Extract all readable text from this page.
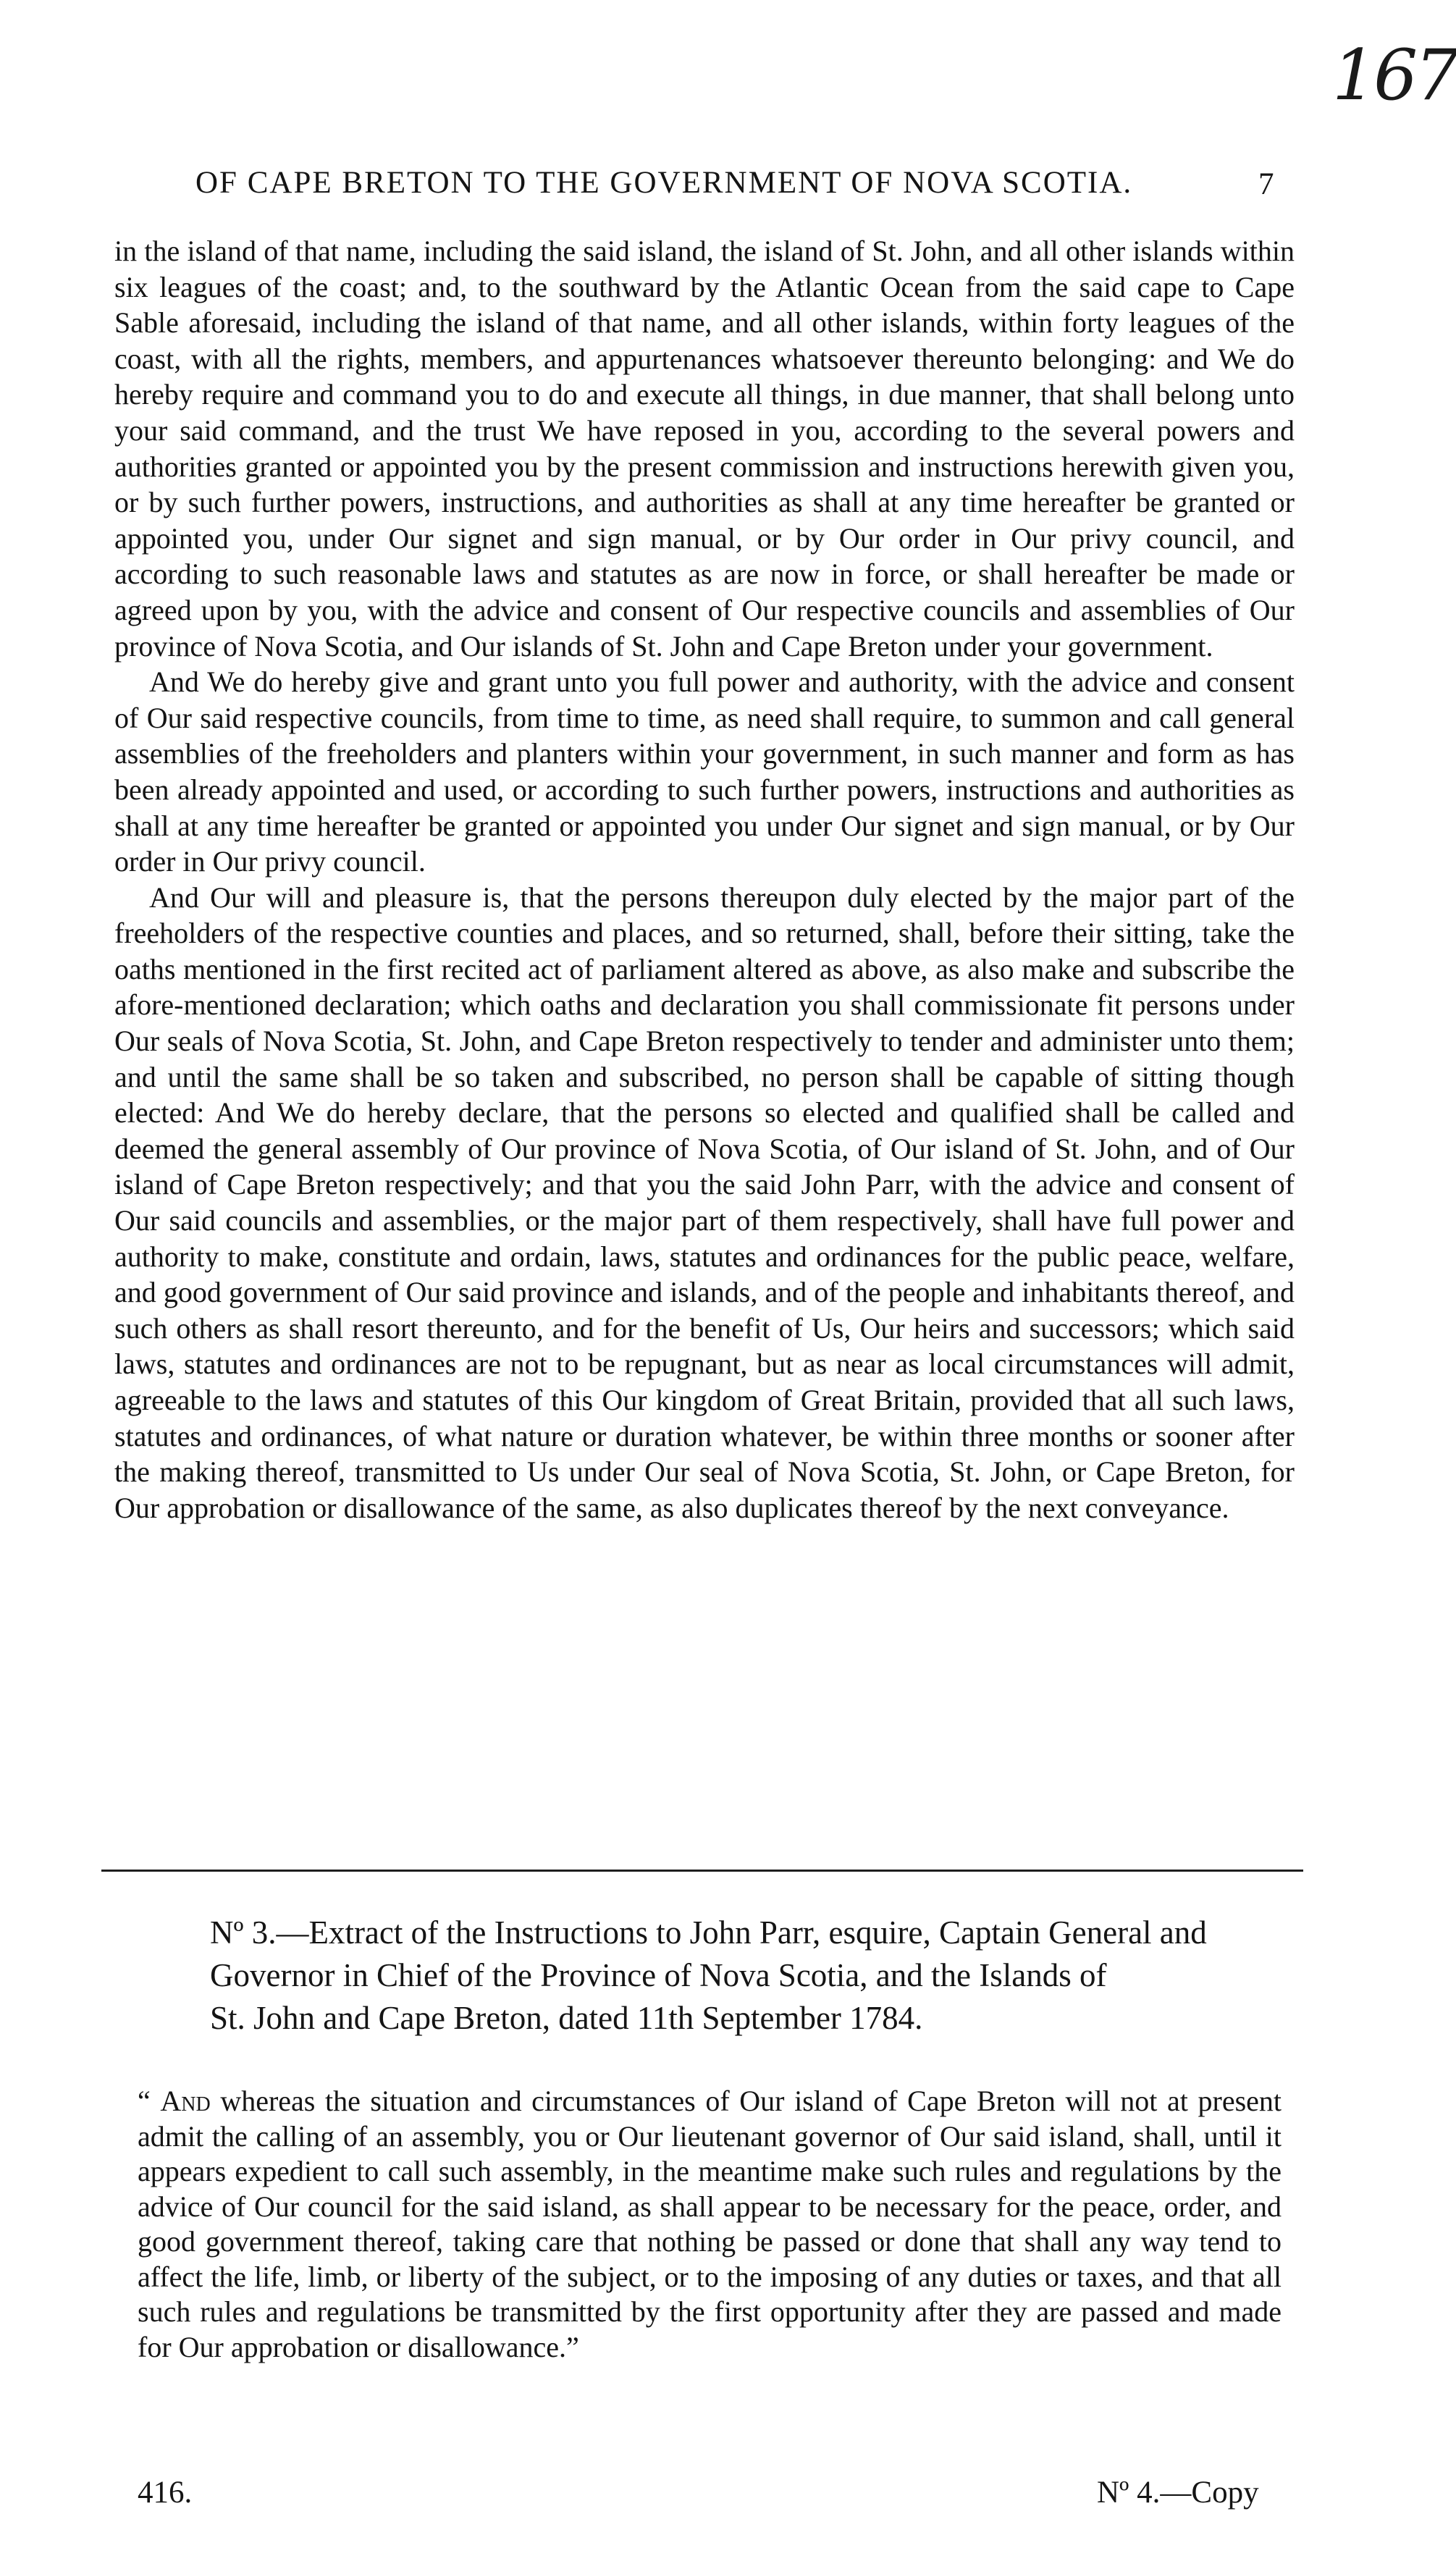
167
OF CAPE BRETON TO THE GOVERNMENT OF NOVA SCOTIA.	7

in the island of that name, including the said island, the island of St. John, and all other islands within six leagues of the coast; and, to the southward by the Atlantic Ocean from the said cape to Cape Sable aforesaid, including the island of that name, and all other islands, within forty leagues of the coast, with all the rights, members, and appurtenances whatsoever thereunto belonging: and We do hereby require and command you to do and execute all things, in due manner, that shall belong unto your said command, and the trust We have reposed in you, according to the several powers and authorities granted or appointed you by the present commission and instructions herewith given you, or by such further powers, instructions, and authorities as shall at any time hereafter be granted or appointed you, under Our signet and sign manual, or by Our order in Our privy council, and according to such reasonable laws and statutes as are now in force, or shall hereafter be made or agreed upon by you, with the advice and consent of Our respective councils and assemblies of Our province of Nova Scotia, and Our islands of St. John and Cape Breton under your government.

And We do hereby give and grant unto you full power and authority, with the advice and consent of Our said respective councils, from time to time, as need shall require, to summon and call general assemblies of the freeholders and planters within your government, in such manner and form as has been already appointed and used, or according to such further powers, instructions and authorities as shall at any time hereafter be granted or appointed you under Our signet and sign manual, or by Our order in Our privy council.

And Our will and pleasure is, that the persons thereupon duly elected by the major part of the freeholders of the respective counties and places, and so returned, shall, before their sitting, take the oaths mentioned in the first recited act of parliament altered as above, as also make and subscribe the afore-mentioned declaration; which oaths and declaration you shall commissionate fit persons under Our seals of Nova Scotia, St. John, and Cape Breton respectively to tender and administer unto them; and until the same shall be so taken and subscribed, no person shall be capable of sitting though elected: And We do hereby declare, that the persons so elected and qualified shall be called and deemed the general assembly of Our province of Nova Scotia, of Our island of St. John, and of Our island of Cape Breton respectively; and that you the said John Parr, with the advice and consent of Our said councils and assemblies, or the major part of them respectively, shall have full power and authority to make, constitute and ordain, laws, statutes and ordinances for the public peace, welfare, and good government of Our said province and islands, and of the people and inhabitants thereof, and such others as shall resort thereunto, and for the benefit of Us, Our heirs and successors; which said laws, statutes and ordinances are not to be repugnant, but as near as local circumstances will admit, agreeable to the laws and statutes of this Our kingdom of Great Britain, provided that all such laws, statutes and ordinances, of what nature or duration whatever, be within three months or sooner after the making thereof, transmitted to Us under Our seal of Nova Scotia, St. John, or Cape Breton, for Our approbation or disallowance of the same, as also duplicates thereof by the next conveyance.

Nº 3.—Extract of the Instructions to John Parr, esquire, Captain General and
Governor in Chief of the Province of Nova Scotia, and the Islands of
St. John and Cape Breton, dated 11th September 1784.

“ And whereas the situation and circumstances of Our island of Cape Breton will not at present admit the calling of an assembly, you or Our lieutenant governor of Our said island, shall, until it appears expedient to call such assembly, in the meantime make such rules and regulations by the advice of Our council for the said island, as shall appear to be necessary for the peace, order, and good government thereof, taking care that nothing be passed or done that shall any way tend to affect the life, limb, or liberty of the subject, or to the imposing of any duties or taxes, and that all such rules and regulations be transmitted by the first opportunity after they are passed and made for Our approbation or disallowance.”

416.	Nº 4.—Copy
